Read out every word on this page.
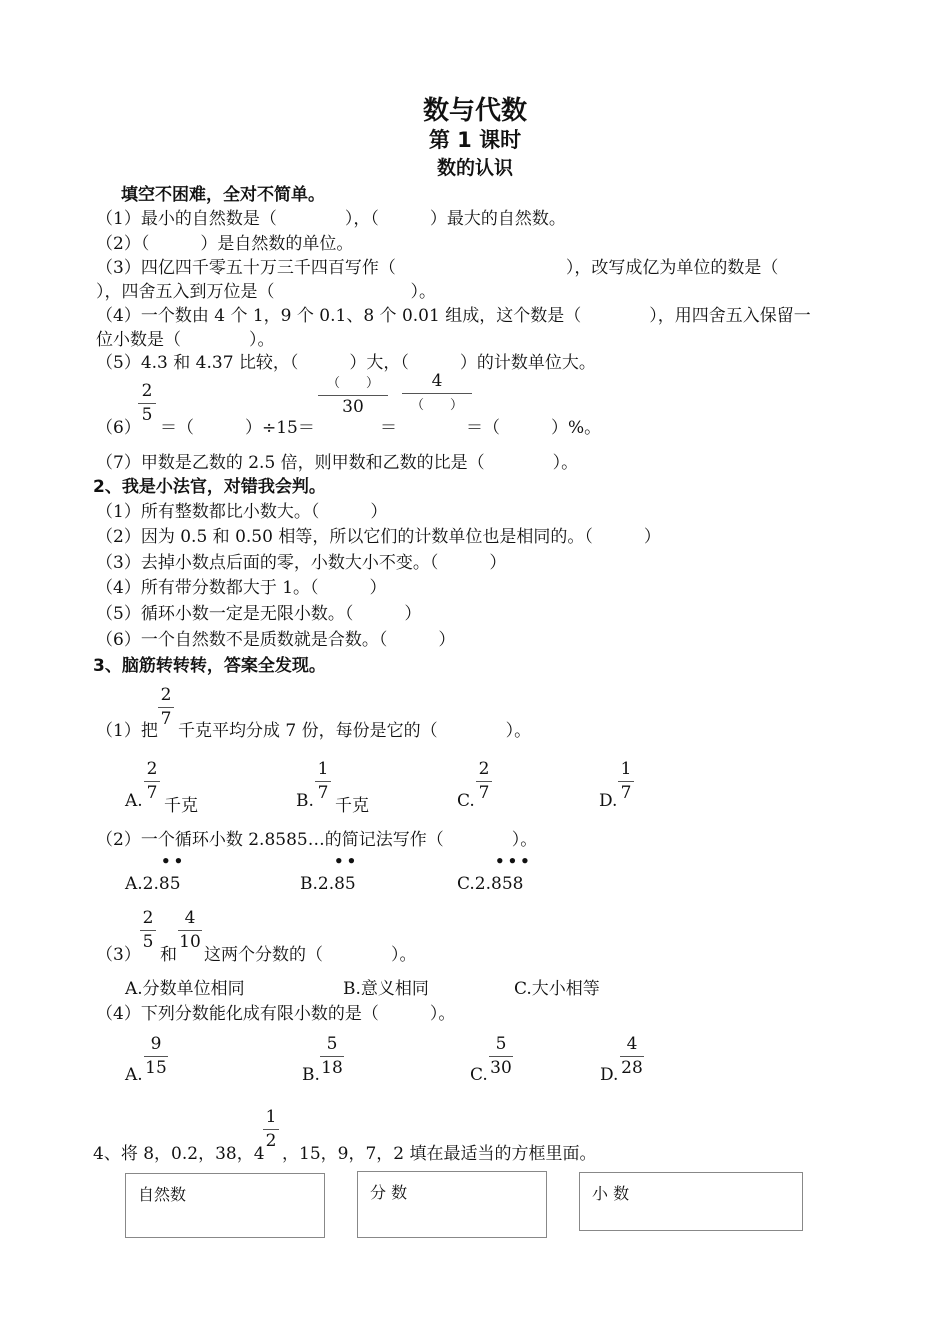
数与代数
第 1 课时
数的认识
填空不困难，全对不简单。
（1）最小的自然数是（　　　　），（　　　）最大的自然数。
（2）（　　　）是自然数的单位。
（3）四亿四千零五十万三千四百写作（　　　　　　　　　　），改写成亿为单位的数是（
），四舍五入到万位是（　　　　　　　　）。
（4）一个数由 4 个 1，9 个 0.1、8 个 0.01 组成，这个数是（　　　　），用四舍五入保留一
位小数是（　　　　）。
（5）4.3 和 4.37 比较，（　　　）大，（　　　）的计数单位大。
（6）
2
5
＝（　　　）÷15＝
（　　）
30
＝
4
（　　）
＝（　　　）%。
（7）甲数是乙数的 2.5 倍，则甲数和乙数的比是（　　　　）。
2、我是小法官，对错我会判。
（1）所有整数都比小数大。（　　　）
（2）因为 0.5 和 0.50 相等，所以它们的计数单位也是相同的。（　　　）
（3）去掉小数点后面的零，小数大小不变。（　　　）
（4）所有带分数都大于 1。（　　　）
（5）循环小数一定是无限小数。（　　　）
（6）一个自然数不是质数就是合数。（　　　）
3、脑筋转转转，答案全发现。
（1）把
2
7
千克平均分成 7 份，每份是它的（　　　　）。
A.
2
7
千克	B.
1
7
千克	C.
2
7	D.
1
7
（2）一个循环小数 2.8585…的简记法写作（　　　　）。
••
A.2.85
••
B.2.85
•••
C.2.858
（3）
2
5
和
4
10
这两个分数的（　　　　）。
A.分数单位相同	B.意义相同	C.大小相等
（4）下列分数能化成有限小数的是（　　　）。
A.
9
15	B.
5
18	C.
5
30	D.
4
28
4、将 8，0.2，38，4
1
2
，15，9，7，2 填在最适当的方框里面。
自然数	分 数	小 数
